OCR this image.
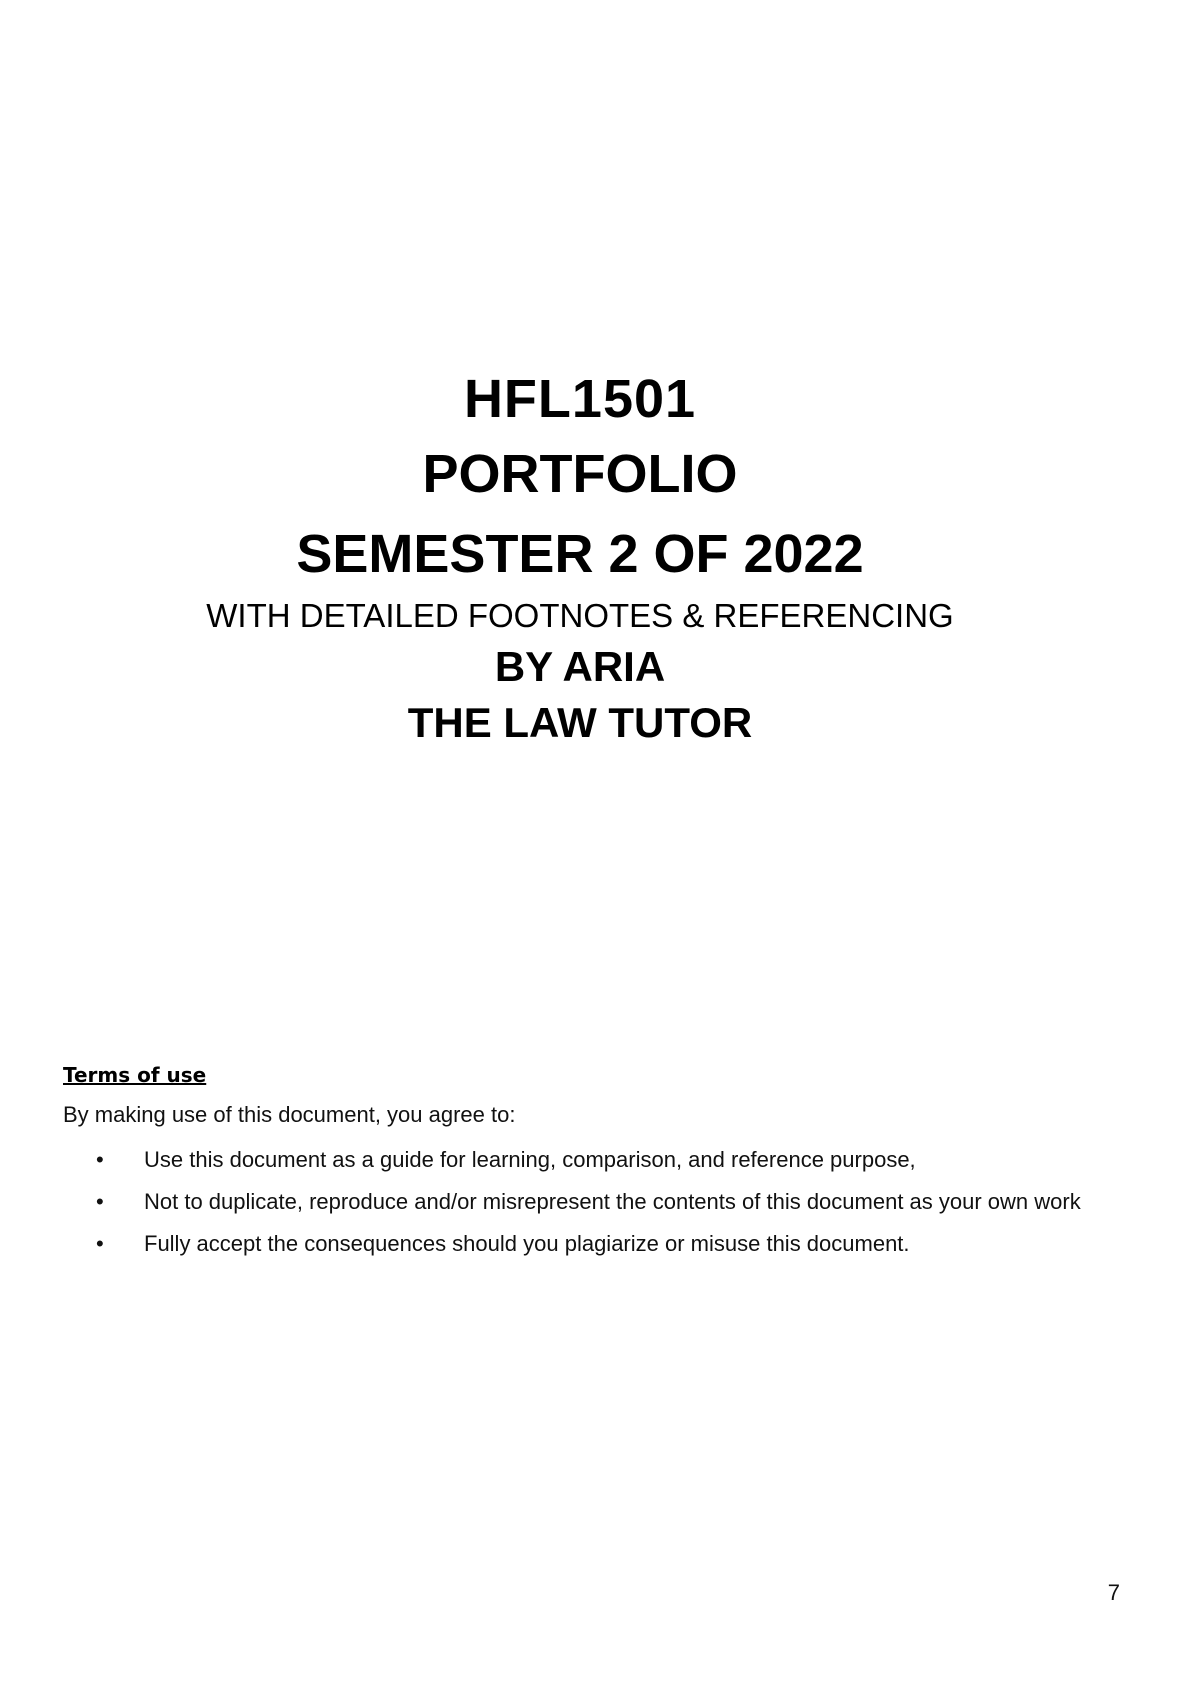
HFL1501

PORTFOLIO

SEMESTER 2 OF 2022

WITH DETAILED FOOTNOTES & REFERENCING

BY ARIA

THE LAW TUTOR

Terms of use

By making use of this document, you agree to:

• Use this document as a guide for learning, comparison, and reference purpose,
• Not to duplicate, reproduce and/or misrepresent the contents of this document as your own work
• Fully accept the consequences should you plagiarize or misuse this document.
7
